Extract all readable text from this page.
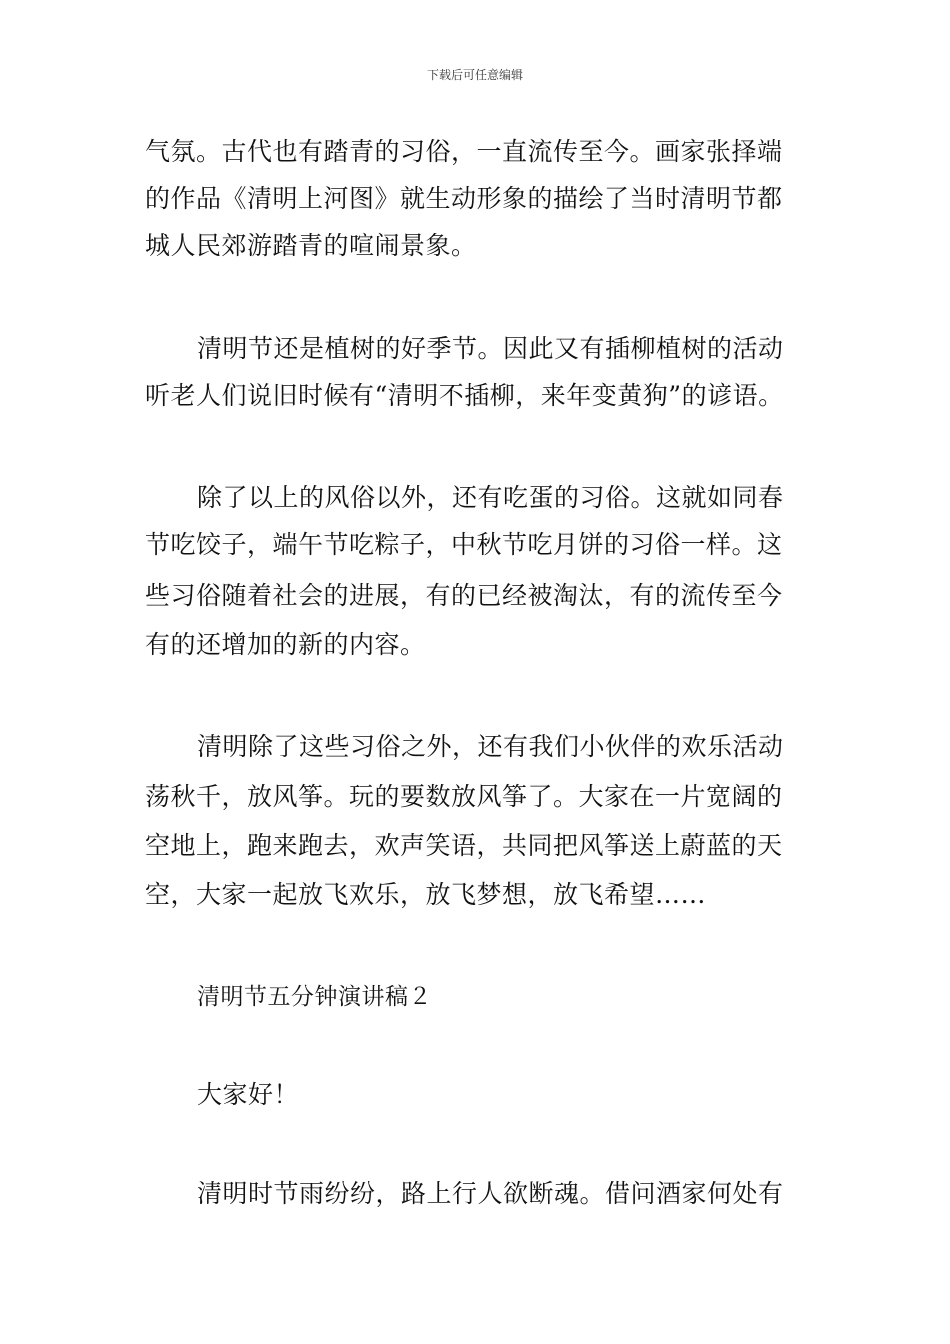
下载后可任意编辑
气氛。古代也有踏青的习俗，一直流传至今。画家张择端
的作品《清明上河图》就生动形象的描绘了当时清明节都
城人民郊游踏青的喧闹景象。
清明节还是植树的好季节。因此又有插柳植树的活动
听老人们说旧时候有“清明不插柳，来年变黄狗”的谚语。
除了以上的风俗以外，还有吃蛋的习俗。这就如同春
节吃饺子，端午节吃粽子，中秋节吃月饼的习俗一样。这
些习俗随着社会的进展，有的已经被淘汰，有的流传至今
有的还增加的新的内容。
清明除了这些习俗之外，还有我们小伙伴的欢乐活动
荡秋千，放风筝。玩的要数放风筝了。大家在一片宽阔的
空地上，跑来跑去，欢声笑语，共同把风筝送上蔚蓝的天
空，大家一起放飞欢乐，放飞梦想，放飞希望……
清明节五分钟演讲稿２
大家好！
清明时节雨纷纷，路上行人欲断魂。借问酒家何处有
